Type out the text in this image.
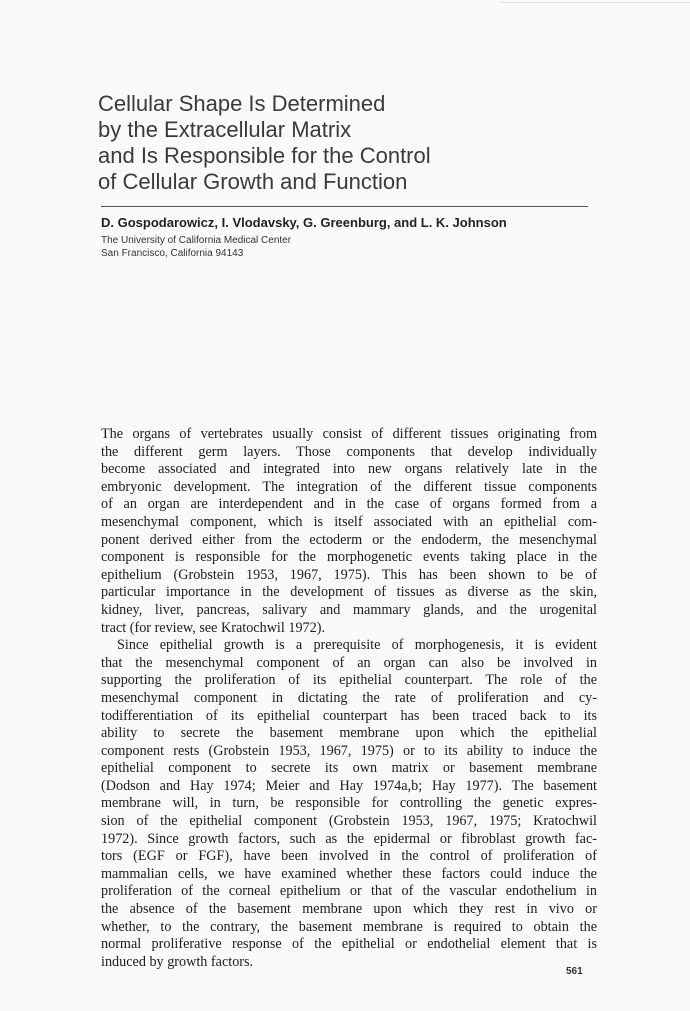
Cellular Shape Is Determined
by the Extracellular Matrix
and Is Responsible for the Control
of Cellular Growth and Function
D. Gospodarowicz, I. Vlodavsky, G. Greenburg, and L. K. Johnson
The University of California Medical Center
San Francisco, California 94143
The organs of vertebrates usually consist of different tissues originating from
the different germ layers. Those components that develop individually
become associated and integrated into new organs relatively late in the
embryonic development. The integration of the different tissue components
of an organ are interdependent and in the case of organs formed from a
mesenchymal component, which is itself associated with an epithelial com-
ponent derived either from the ectoderm or the endoderm, the mesenchymal
component is responsible for the morphogenetic events taking place in the
epithelium (Grobstein 1953, 1967, 1975). This has been shown to be of
particular importance in the development of tissues as diverse as the skin,
kidney, liver, pancreas, salivary and mammary glands, and the urogenital
tract (for review, see Kratochwil 1972).
Since epithelial growth is a prerequisite of morphogenesis, it is evident
that the mesenchymal component of an organ can also be involved in
supporting the proliferation of its epithelial counterpart. The role of the
mesenchymal component in dictating the rate of proliferation and cy-
todifferentiation of its epithelial counterpart has been traced back to its
ability to secrete the basement membrane upon which the epithelial
component rests (Grobstein 1953, 1967, 1975) or to its ability to induce the
epithelial component to secrete its own matrix or basement membrane
(Dodson and Hay 1974; Meier and Hay 1974a,b; Hay 1977). The basement
membrane will, in turn, be responsible for controlling the genetic expres-
sion of the epithelial component (Grobstein 1953, 1967, 1975; Kratochwil
1972). Since growth factors, such as the epidermal or fibroblast growth fac-
tors (EGF or FGF), have been involved in the control of proliferation of
mammalian cells, we have examined whether these factors could induce the
proliferation of the corneal epithelium or that of the vascular endothelium in
the absence of the basement membrane upon which they rest in vivo or
whether, to the contrary, the basement membrane is required to obtain the
normal proliferative response of the epithelial or endothelial element that is
induced by growth factors.
561
